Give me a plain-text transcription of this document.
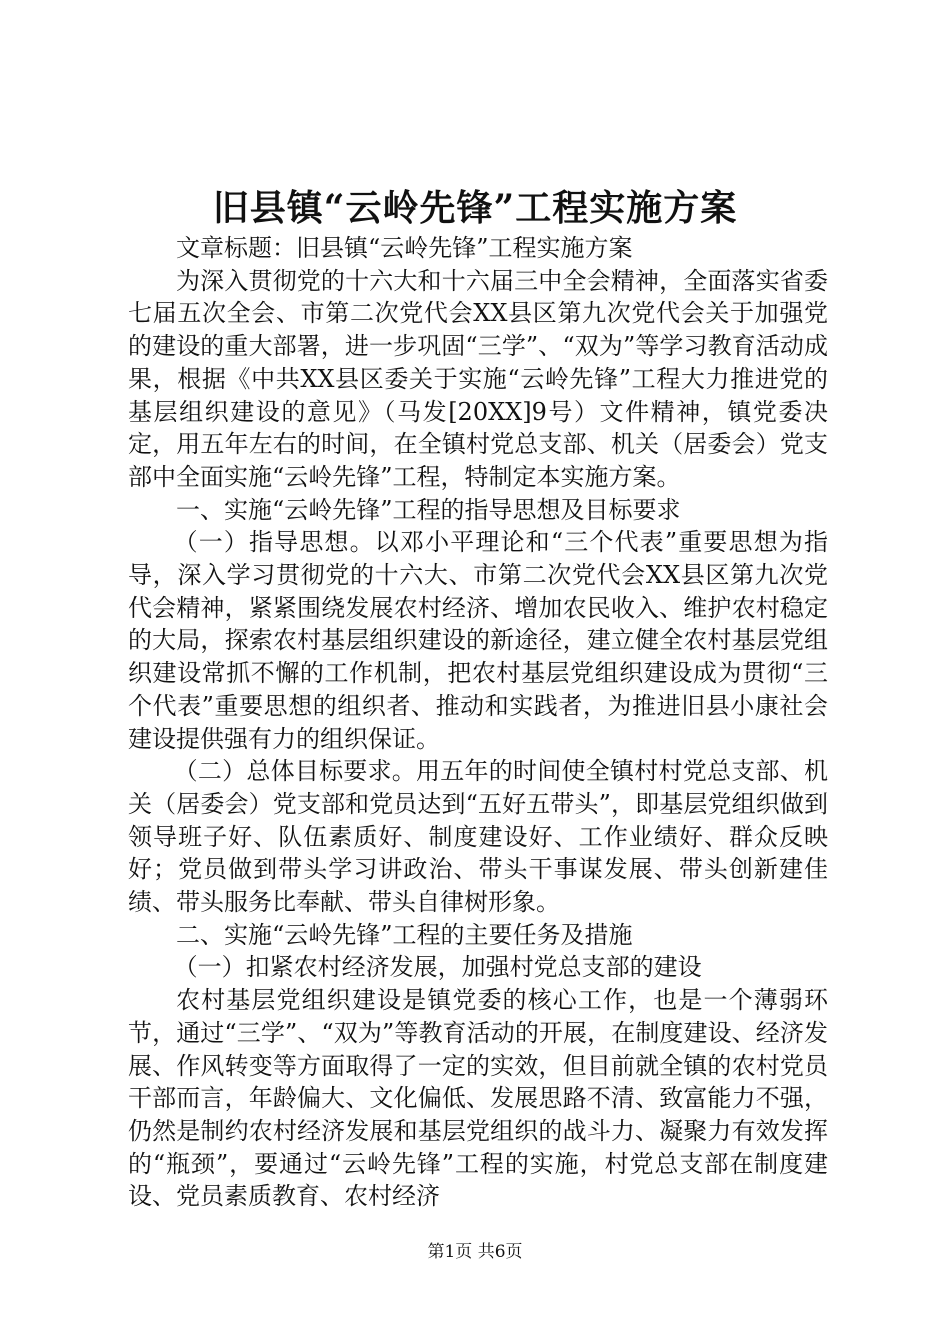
旧县镇“云岭先锋”工程实施方案

文章标题：旧县镇“云岭先锋”工程实施方案

为深入贯彻党的十六大和十六届三中全会精神，全面落实省委七届五次全会、市第二次党代会XX县区第九次党代会关于加强党的建设的重大部署，进一步巩固“三学”、“双为”等学习教育活动成果，根据《中共XX县区委关于实施“云岭先锋”工程大力推进党的基层组织建设的意见》（马发[20XX]9号）文件精神，镇党委决定，用五年左右的时间，在全镇村党总支部、机关（居委会）党支部中全面实施“云岭先锋”工程，特制定本实施方案。

一、实施“云岭先锋”工程的指导思想及目标要求

（一）指导思想。以邓小平理论和“三个代表”重要思想为指导，深入学习贯彻党的十六大、市第二次党代会XX县区第九次党代会精神，紧紧围绕发展农村经济、增加农民收入、维护农村稳定的大局，探索农村基层组织建设的新途径，建立健全农村基层党组织建设常抓不懈的工作机制，把农村基层党组织建设成为贯彻“三个代表”重要思想的组织者、推动和实践者，为推进旧县小康社会建设提供强有力的组织保证。

（二）总体目标要求。用五年的时间使全镇村村党总支部、机关（居委会）党支部和党员达到“五好五带头”，即基层党组织做到领导班子好、队伍素质好、制度建设好、工作业绩好、群众反映好；党员做到带头学习讲政治、带头干事谋发展、带头创新建佳绩、带头服务比奉献、带头自律树形象。

二、实施“云岭先锋”工程的主要任务及措施

（一）扣紧农村经济发展，加强村党总支部的建设

农村基层党组织建设是镇党委的核心工作，也是一个薄弱环节，通过“三学”、“双为”等教育活动的开展，在制度建设、经济发展、作风转变等方面取得了一定的实效，但目前就全镇的农村党员干部而言，年龄偏大、文化偏低、发展思路不清、致富能力不强，仍然是制约农村经济发展和基层党组织的战斗力、凝聚力有效发挥的“瓶颈”，要通过“云岭先锋”工程的实施，村党总支部在制度建设、党员素质教育、农村经济

第1页 共6页
